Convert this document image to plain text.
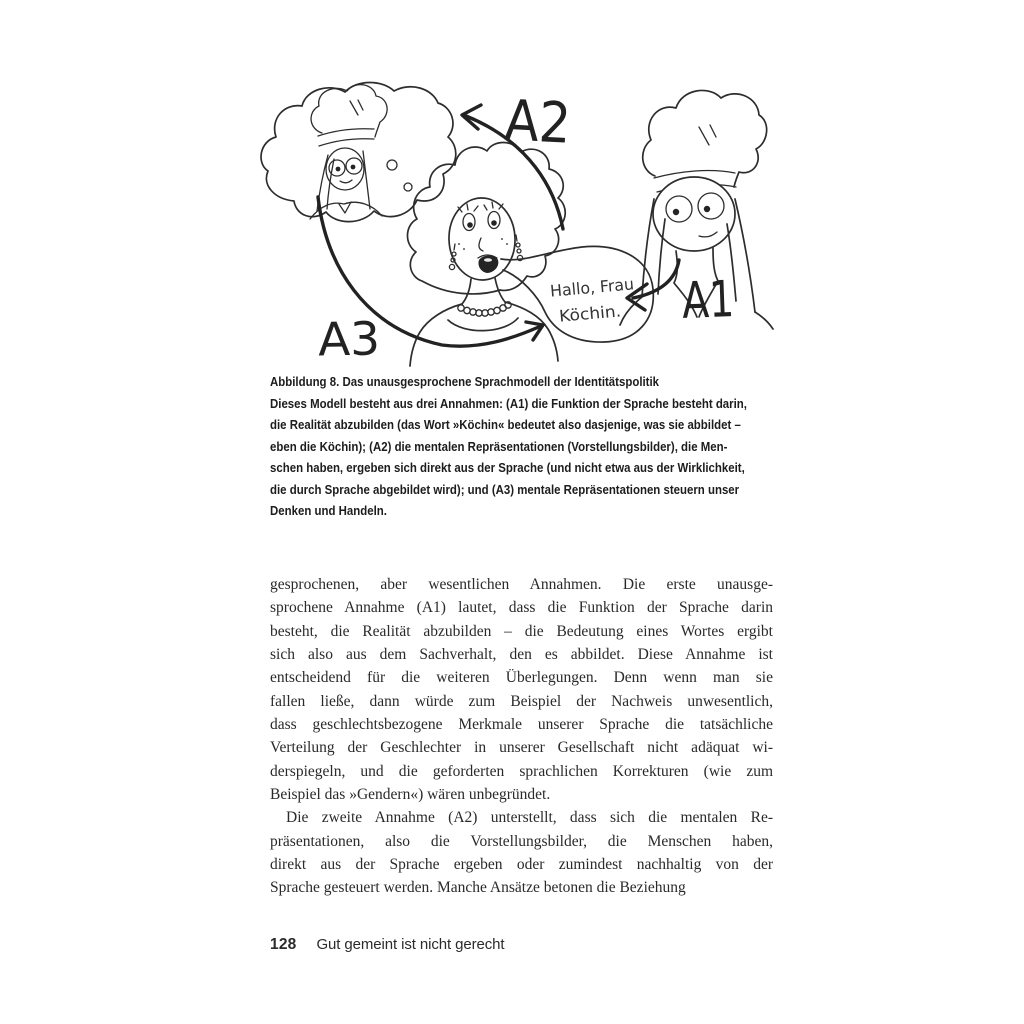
Hallo, Frau
Köchin.
A2
A1
A3
Abbildung 8. Das unausgesprochene Sprachmodell der Identitätspolitik
Dieses Modell besteht aus drei Annahmen: (A1) die Funktion der Sprache besteht darin,
die Realität abzubilden (das Wort »Köchin« bedeutet also dasjenige, was sie abbildet –
eben die Köchin); (A2) die mentalen Repräsentationen (Vorstellungsbilder), die Men-
schen haben, ergeben sich direkt aus der Sprache (und nicht etwa aus der Wirklichkeit,
die durch Sprache abgebildet wird); und (A3) mentale Repräsentationen steuern unser
Denken und Handeln.
gesprochenen, aber wesentlichen Annahmen. Die erste unausge-
sprochene Annahme (A1) lautet, dass die Funktion der Sprache darin
besteht, die Realität abzubilden – die Bedeutung eines Wortes ergibt
sich also aus dem Sachverhalt, den es abbildet. Diese Annahme ist
entscheidend für die weiteren Überlegungen. Denn wenn man sie
fallen ließe, dann würde zum Beispiel der Nachweis unwesentlich,
dass geschlechtsbezogene Merkmale unserer Sprache die tatsächliche
Verteilung der Geschlechter in unserer Gesellschaft nicht adäquat wi-
derspiegeln, und die geforderten sprachlichen Korrekturen (wie zum
Beispiel das »Gendern«) wären unbegründet.
Die zweite Annahme (A2) unterstellt, dass sich die mentalen Re-
präsentationen, also die Vorstellungsbilder, die Menschen haben,
direkt aus der Sprache ergeben oder zumindest nachhaltig von der
Sprache gesteuert werden. Manche Ansätze betonen die Beziehung
128 Gut gemeint ist nicht gerecht
